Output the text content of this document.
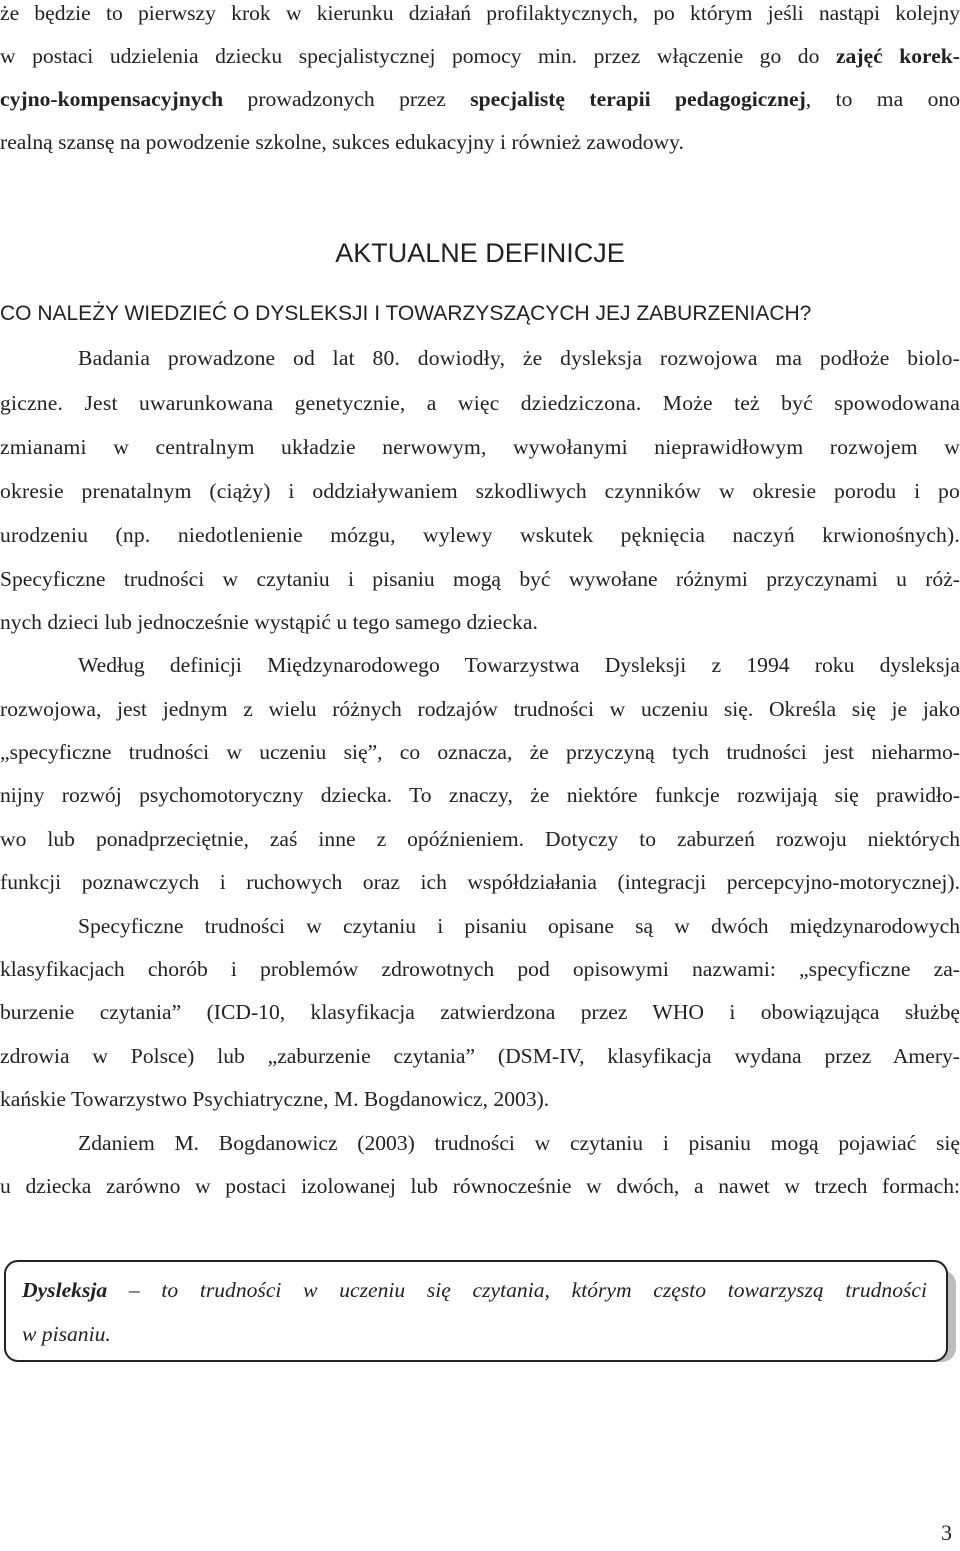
że będzie to pierwszy krok w kierunku działań profilaktycznych, po którym jeśli nastąpi kolejny
w postaci udzielenia dziecku specjalistycznej pomocy min. przez włączenie go do zajęć korek-
cyjno-kompensacyjnych prowadzonych przez specjalistę terapii pedagogicznej, to ma ono
realną szansę na powodzenie szkolne, sukces edukacyjny i również zawodowy.
AKTUALNE DEFINICJE
CO NALEŻY WIEDZIEĆ O DYSLEKSJI I TOWARZYSZĄCYCH JEJ ZABURZENIACH?
Badania prowadzone od lat 80. dowiodły, że dysleksja rozwojowa ma podłoże biolo-
giczne. Jest uwarunkowana genetycznie, a więc dziedziczona. Może też być spowodowana
zmianami w centralnym układzie nerwowym, wywołanymi nieprawidłowym rozwojem w
okresie prenatalnym (ciąży) i oddziaływaniem szkodliwych czynników w okresie porodu i po
urodzeniu (np. niedotlenienie mózgu, wylewy wskutek pęknięcia naczyń krwionośnych).
Specyficzne trudności w czytaniu i pisaniu mogą być wywołane różnymi przyczynami u róż-
nych dzieci lub jednocześnie wystąpić u tego samego dziecka.
Według definicji Międzynarodowego Towarzystwa Dysleksji z 1994 roku dysleksja
rozwojowa, jest jednym z wielu różnych rodzajów trudności w uczeniu się. Określa się je jako
„specyficzne trudności w uczeniu się”, co oznacza, że przyczyną tych trudności jest nieharmo-
nijny rozwój psychomotoryczny dziecka. To znaczy, że niektóre funkcje rozwijają się prawidło-
wo lub ponadprzeciętnie, zaś inne z opóźnieniem. Dotyczy to zaburzeń rozwoju niektórych
funkcji poznawczych i ruchowych oraz ich współdziałania (integracji percepcyjno-motorycznej).
Specyficzne trudności w czytaniu i pisaniu opisane są w dwóch międzynarodowych
klasyfikacjach chorób i problemów zdrowotnych pod opisowymi nazwami: „specyficzne za-
burzenie czytania” (ICD-10, klasyfikacja zatwierdzona przez WHO i obowiązująca służbę
zdrowia w Polsce) lub „zaburzenie czytania” (DSM-IV, klasyfikacja wydana przez Amery-
kańskie Towarzystwo Psychiatryczne, M. Bogdanowicz, 2003).
Zdaniem M. Bogdanowicz (2003) trudności w czytaniu i pisaniu mogą pojawiać się
u dziecka zarówno w postaci izolowanej lub równocześnie w dwóch, a nawet w trzech formach:
Dysleksja – to trudności w uczeniu się czytania, którym często towarzyszą trudności
w pisaniu.
3
